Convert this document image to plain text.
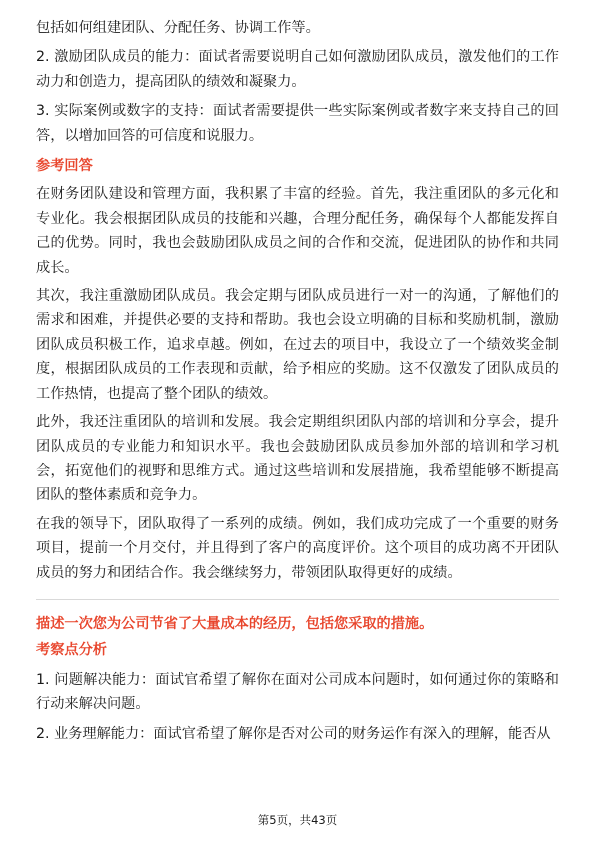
包括如何组建团队、分配任务、协调工作等。

2. 激励团队成员的能力：面试者需要说明自己如何激励团队成员，激发他们的工作动力和创造力，提高团队的绩效和凝聚力。

3. 实际案例或数字的支持：面试者需要提供一些实际案例或者数字来支持自己的回答，以增加回答的可信度和说服力。

参考回答

在财务团队建设和管理方面，我积累了丰富的经验。首先，我注重团队的多元化和专业化。我会根据团队成员的技能和兴趣，合理分配任务，确保每个人都能发挥自己的优势。同时，我也会鼓励团队成员之间的合作和交流，促进团队的协作和共同成长。

其次，我注重激励团队成员。我会定期与团队成员进行一对一的沟通，了解他们的需求和困难，并提供必要的支持和帮助。我也会设立明确的目标和奖励机制，激励团队成员积极工作，追求卓越。例如，在过去的项目中，我设立了一个绩效奖金制度，根据团队成员的工作表现和贡献，给予相应的奖励。这不仅激发了团队成员的工作热情，也提高了整个团队的绩效。

此外，我还注重团队的培训和发展。我会定期组织团队内部的培训和分享会，提升团队成员的专业能力和知识水平。我也会鼓励团队成员参加外部的培训和学习机会，拓宽他们的视野和思维方式。通过这些培训和发展措施，我希望能够不断提高团队的整体素质和竞争力。

在我的领导下，团队取得了一系列的成绩。例如，我们成功完成了一个重要的财务项目，提前一个月交付，并且得到了客户的高度评价。这个项目的成功离不开团队成员的努力和团结合作。我会继续努力，带领团队取得更好的成绩。

描述一次您为公司节省了大量成本的经历，包括您采取的措施。
考察点分析

1. 问题解决能力：面试官希望了解你在面对公司成本问题时，如何通过你的策略和行动来解决问题。

2. 业务理解能力：面试官希望了解你是否对公司的财务运作有深入的理解，能否从

第5页，共43页
